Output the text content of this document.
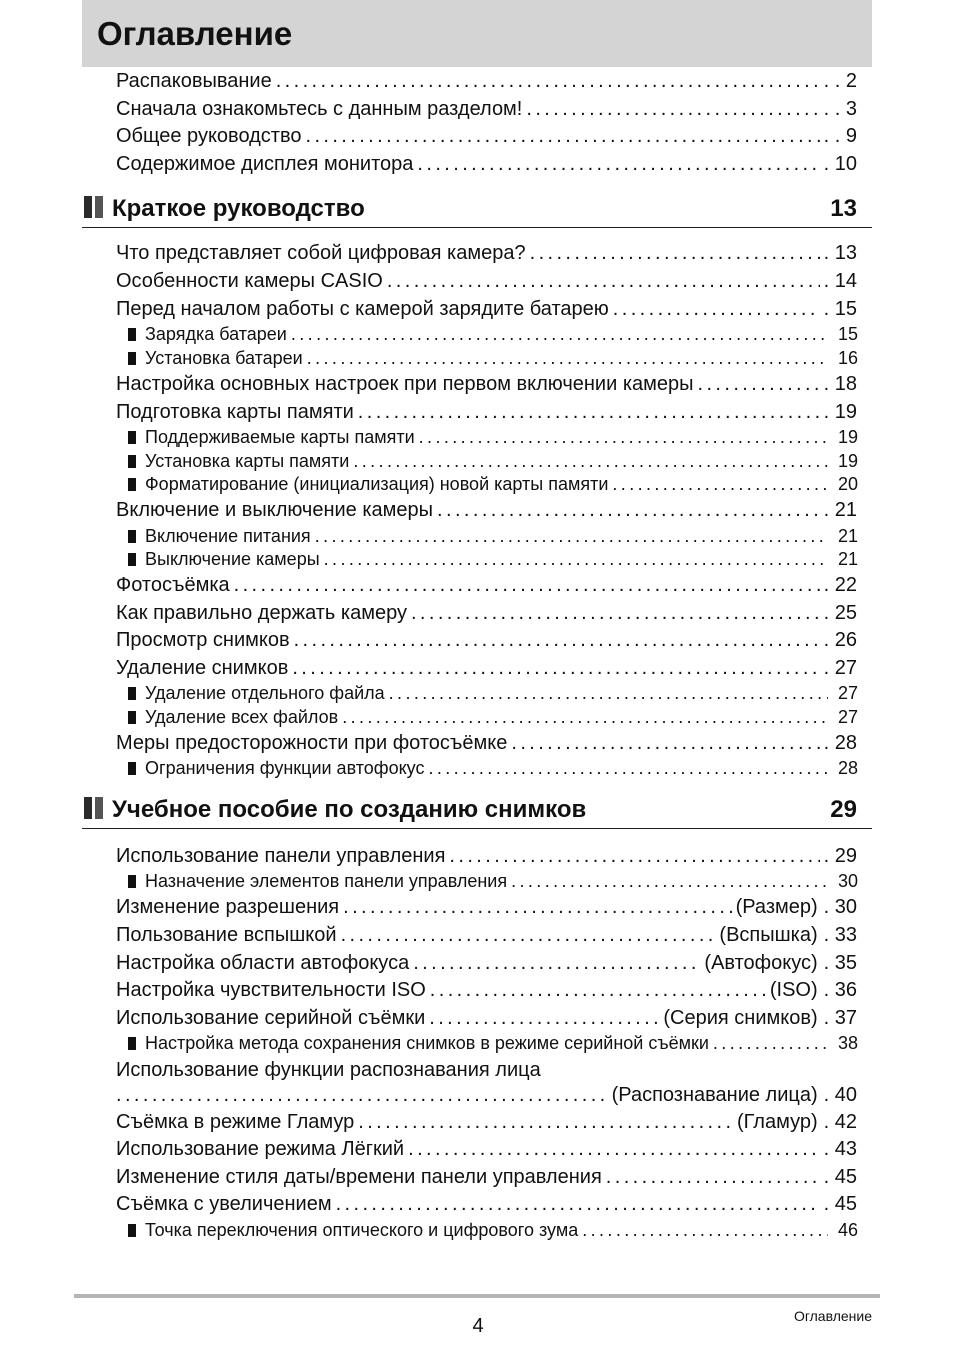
Оглавление
Распаковывание .....	. . 2
Сначала ознакомьтесь с данным разделом! .....	. . 3
Общее руководство .....	. . 9
Содержимое дисплея монитора .....	. 10
Краткое руководство	13
Что представляет собой цифровая камера? .....	. 13
Особенности камеры CASIO .....	. 14
Перед началом работы с камерой зарядите батарею .....	. 15
Зарядка батареи .....	15
Установка батареи .....	16
Настройка основных настроек при первом включении камеры .....	. 18
Подготовка карты памяти .....	. 19
Поддерживаемые карты памяти .....	19
Установка карты памяти .....	19
Форматирование (инициализация) новой карты памяти .....	20
Включение и выключение камеры .....	. 21
Включение питания .....	21
Выключение камеры .....	21
Фотосъёмка .....	. 22
Как правильно держать камеру .....	. 25
Просмотр снимков .....	. 26
Удаление снимков .....	. 27
Удаление отдельного файла .....	27
Удаление всех файлов .....	27
Меры предосторожности при фотосъёмке .....	. 28
Ограничения функции автофокус .....	28
Учебное пособие по созданию снимков	29
Использование панели управления .....	. 29
Назначение элементов панели управления .....	30
Изменение разрешения .....	(Размер) . 30
Пользование вспышкой .....	(Вспышка) . 33
Настройка области автофокуса .....	(Автофокус) . 35
Настройка чувствительности ISO .....	(ISO) . 36
Использование серийной съёмки .....	(Серия снимков) . 37
Настройка метода сохранения снимков в режиме серийной съёмки .....	38
Использование функции распознавания лица
.....
(Распознавание лица) . 40
Съёмка в режиме Гламур .....	(Гламур) . 42
Использование режима Лёгкий .....	. 43
Изменение стиля даты/времени панели управления .....	. 45
Съёмка с увеличением .....	. 45
Точка переключения оптического и цифрового зума .....	46
4	Оглавление
